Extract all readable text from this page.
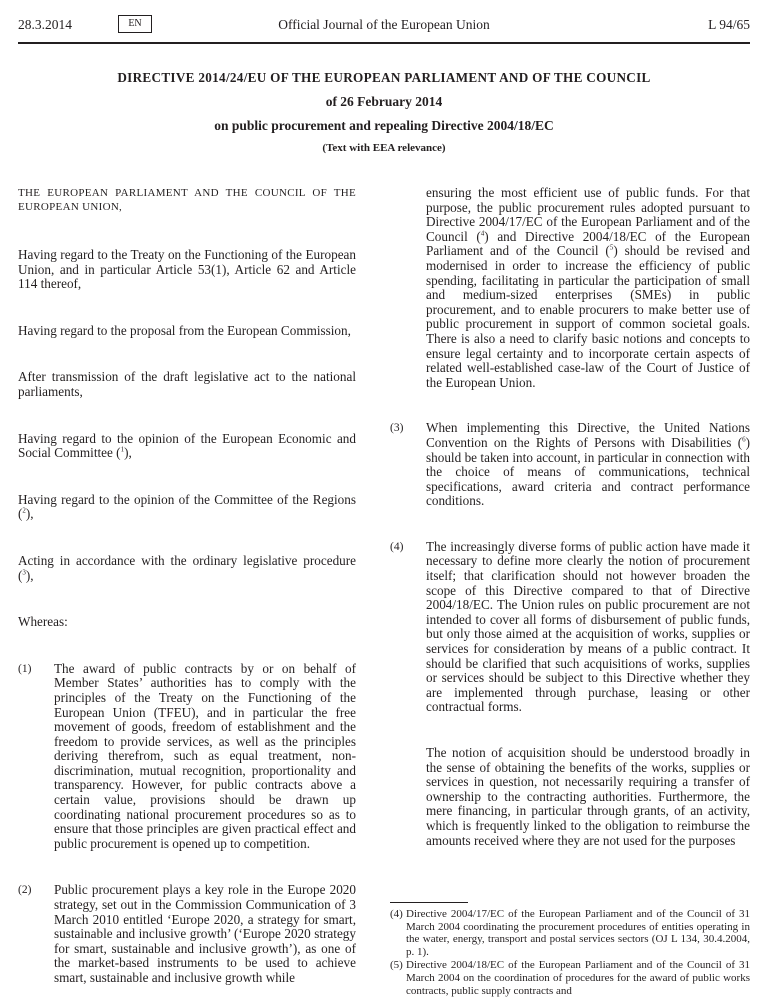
28.3.2014	EN	Official Journal of the European Union	L 94/65

DIRECTIVE 2014/24/EU OF THE EUROPEAN PARLIAMENT AND OF THE COUNCIL

of 26 February 2014

on public procurement and repealing Directive 2004/18/EC

(Text with EEA relevance)

THE EUROPEAN PARLIAMENT AND THE COUNCIL OF THE EUROPEAN UNION,

Having regard to the Treaty on the Functioning of the European Union, and in particular Article 53(1), Article 62 and Article 114 thereof,

Having regard to the proposal from the European Commission,

After transmission of the draft legislative act to the national parliaments,

Having regard to the opinion of the European Economic and Social Committee ($^1$),

Having regard to the opinion of the Committee of the Regions ($^2$),

Acting in accordance with the ordinary legislative procedure ($^3$),

Whereas:

(1) The award of public contracts by or on behalf of Member States’ authorities has to comply with the principles of the Treaty on the Functioning of the European Union (TFEU), and in particular the free movement of goods, freedom of establishment and the freedom to provide services, as well as the principles deriving therefrom, such as equal treatment, non-discrimination, mutual recognition, proportionality and transparency. However, for public contracts above a certain value, provisions should be drawn up coordinating national procurement procedures so as to ensure that those principles are given practical effect and public procurement is opened up to competition.
(2) Public procurement plays a key role in the Europe 2020 strategy, set out in the Commission Communication of 3 March 2010 entitled ‘Europe 2020, a strategy for smart, sustainable and inclusive growth’ (‘Europe 2020 strategy for smart, sustainable and inclusive growth’), as one of the market-based instruments to be used to achieve smart, sustainable and inclusive growth while

ensuring the most efficient use of public funds. For that purpose, the public procurement rules adopted pursuant to Directive 2004/17/EC of the European Parliament and of the Council ($^4$) and Directive 2004/18/EC of the European Parliament and of the Council ($^5$) should be revised and modernised in order to increase the efficiency of public spending, facilitating in particular the participation of small and medium-sized enterprises (SMEs) in public procurement, and to enable procurers to make better use of public procurement in support of common societal goals. There is also a need to clarify basic notions and concepts to ensure legal certainty and to incorporate certain aspects of related well-established case-law of the Court of Justice of the European Union.

(3) When implementing this Directive, the United Nations Convention on the Rights of Persons with Disabilities ($^6$) should be taken into account, in particular in connection with the choice of means of communications, technical specifications, award criteria and contract performance conditions.
(4) The increasingly diverse forms of public action have made it necessary to define more clearly the notion of procurement itself; that clarification should not however broaden the scope of this Directive compared to that of Directive 2004/18/EC. The Union rules on public procurement are not intended to cover all forms of disbursement of public funds, but only those aimed at the acquisition of works, supplies or services for consideration by means of a public contract. It should be clarified that such acquisitions of works, supplies or services should be subject to this Directive whether they are implemented through purchase, leasing or other contractual forms.

The notion of acquisition should be understood broadly in the sense of obtaining the benefits of the works, supplies or services in question, not necessarily requiring a transfer of ownership to the contracting authorities. Furthermore, the mere financing, in particular through grants, of an activity, which is frequently linked to the obligation to reimburse the amounts received where they are not used for the purposes

(4) Directive 2004/17/EC of the European Parliament and of the Council of 31 March 2004 coordinating the procurement procedures of entities operating in the water, energy, transport and postal services sectors (OJ L 134, 30.4.2004, p. 1).
(5) Directive 2004/18/EC of the European Parliament and of the Council of 31 March 2004 on the coordination of procedures for the award of public works contracts, public supply contracts and
